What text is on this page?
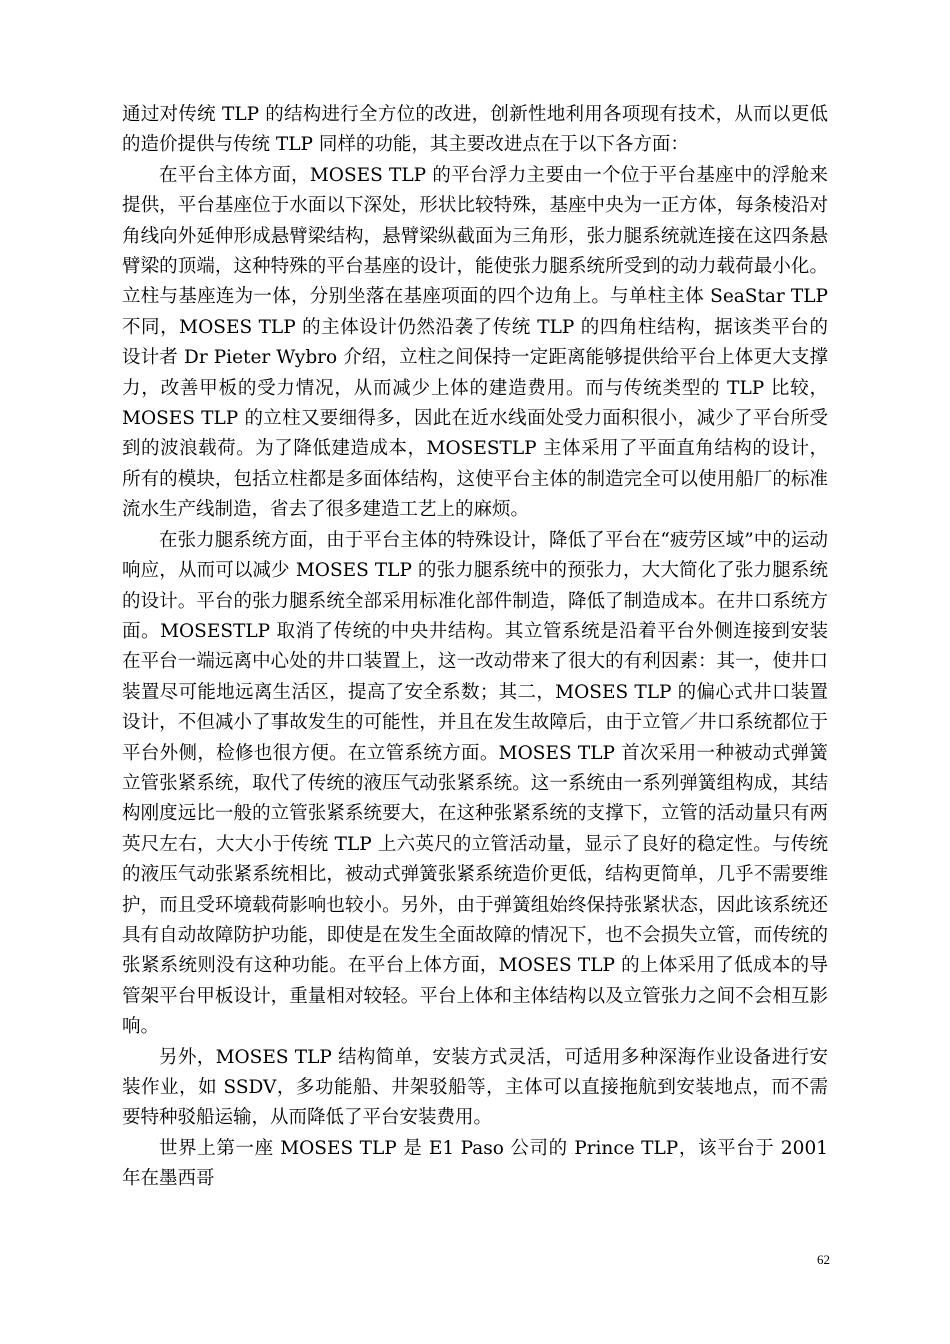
通过对传统 TLP 的结构进行全方位的改进，创新性地利用各项现有技术，从而以更低的造价提供与传统 TLP 同样的功能，其主要改进点在于以下各方面：

在平台主体方面，MOSES TLP 的平台浮力主要由一个位于平台基座中的浮舱来提供，平台基座位于水面以下深处，形状比较特殊，基座中央为一正方体，每条棱沿对角线向外延伸形成悬臂梁结构，悬臂梁纵截面为三角形，张力腿系统就连接在这四条悬臂梁的顶端，这种特殊的平台基座的设计，能使张力腿系统所受到的动力载荷最小化。立柱与基座连为一体，分别坐落在基座项面的四个边角上。与单柱主体 SeaStar TLP 不同，MOSES TLP 的主体设计仍然沿袭了传统 TLP 的四角柱结构，据该类平台的设计者 Dr Pieter Wybro 介绍，立柱之间保持一定距离能够提供给平台上体更大支撑力，改善甲板的受力情况，从而减少上体的建造费用。而与传统类型的 TLP 比较，MOSES TLP 的立柱又要细得多，因此在近水线面处受力面积很小，减少了平台所受到的波浪载荷。为了降低建造成本，MOSESTLP 主体采用了平面直角结构的设计，所有的模块，包括立柱都是多面体结构，这使平台主体的制造完全可以使用船厂的标准流水生产线制造，省去了很多建造工艺上的麻烦。

在张力腿系统方面，由于平台主体的特殊设计，降低了平台在“疲劳区域”中的运动响应，从而可以减少 MOSES TLP 的张力腿系统中的预张力，大大简化了张力腿系统的设计。平台的张力腿系统全部采用标准化部件制造，降低了制造成本。在井口系统方面。MOSESTLP 取消了传统的中央井结构。其立管系统是沿着平台外侧连接到安装在平台一端远离中心处的井口装置上，这一改动带来了很大的有利因素：其一，使井口装置尽可能地远离生活区，提高了安全系数；其二，MOSES TLP 的偏心式井口装置设计，不但减小了事故发生的可能性，并且在发生故障后，由于立管／井口系统都位于平台外侧，检修也很方便。在立管系统方面。MOSES TLP 首次采用一种被动式弹簧立管张紧系统，取代了传统的液压气动张紧系统。这一系统由一系列弹簧组构成，其结构刚度远比一般的立管张紧系统要大，在这种张紧系统的支撑下，立管的活动量只有两英尺左右，大大小于传统 TLP 上六英尺的立管活动量，显示了良好的稳定性。与传统的液压气动张紧系统相比，被动式弹簧张紧系统造价更低，结构更简单，几乎不需要维护，而且受环境载荷影响也较小。另外，由于弹簧组始终保持张紧状态，因此该系统还具有自动故障防护功能，即使是在发生全面故障的情况下，也不会损失立管，而传统的张紧系统则没有这种功能。在平台上体方面，MOSES TLP 的上体采用了低成本的导管架平台甲板设计，重量相对较轻。平台上体和主体结构以及立管张力之间不会相互影响。

另外，MOSES TLP 结构简单，安装方式灵活，可适用多种深海作业设备进行安装作业，如 SSDV，多功能船、井架驳船等，主体可以直接拖航到安装地点，而不需要特种驳船运输，从而降低了平台安装费用。

世界上第一座 MOSES TLP 是 E1 Paso 公司的 Prince TLP，该平台于 2001 年在墨西哥

62
